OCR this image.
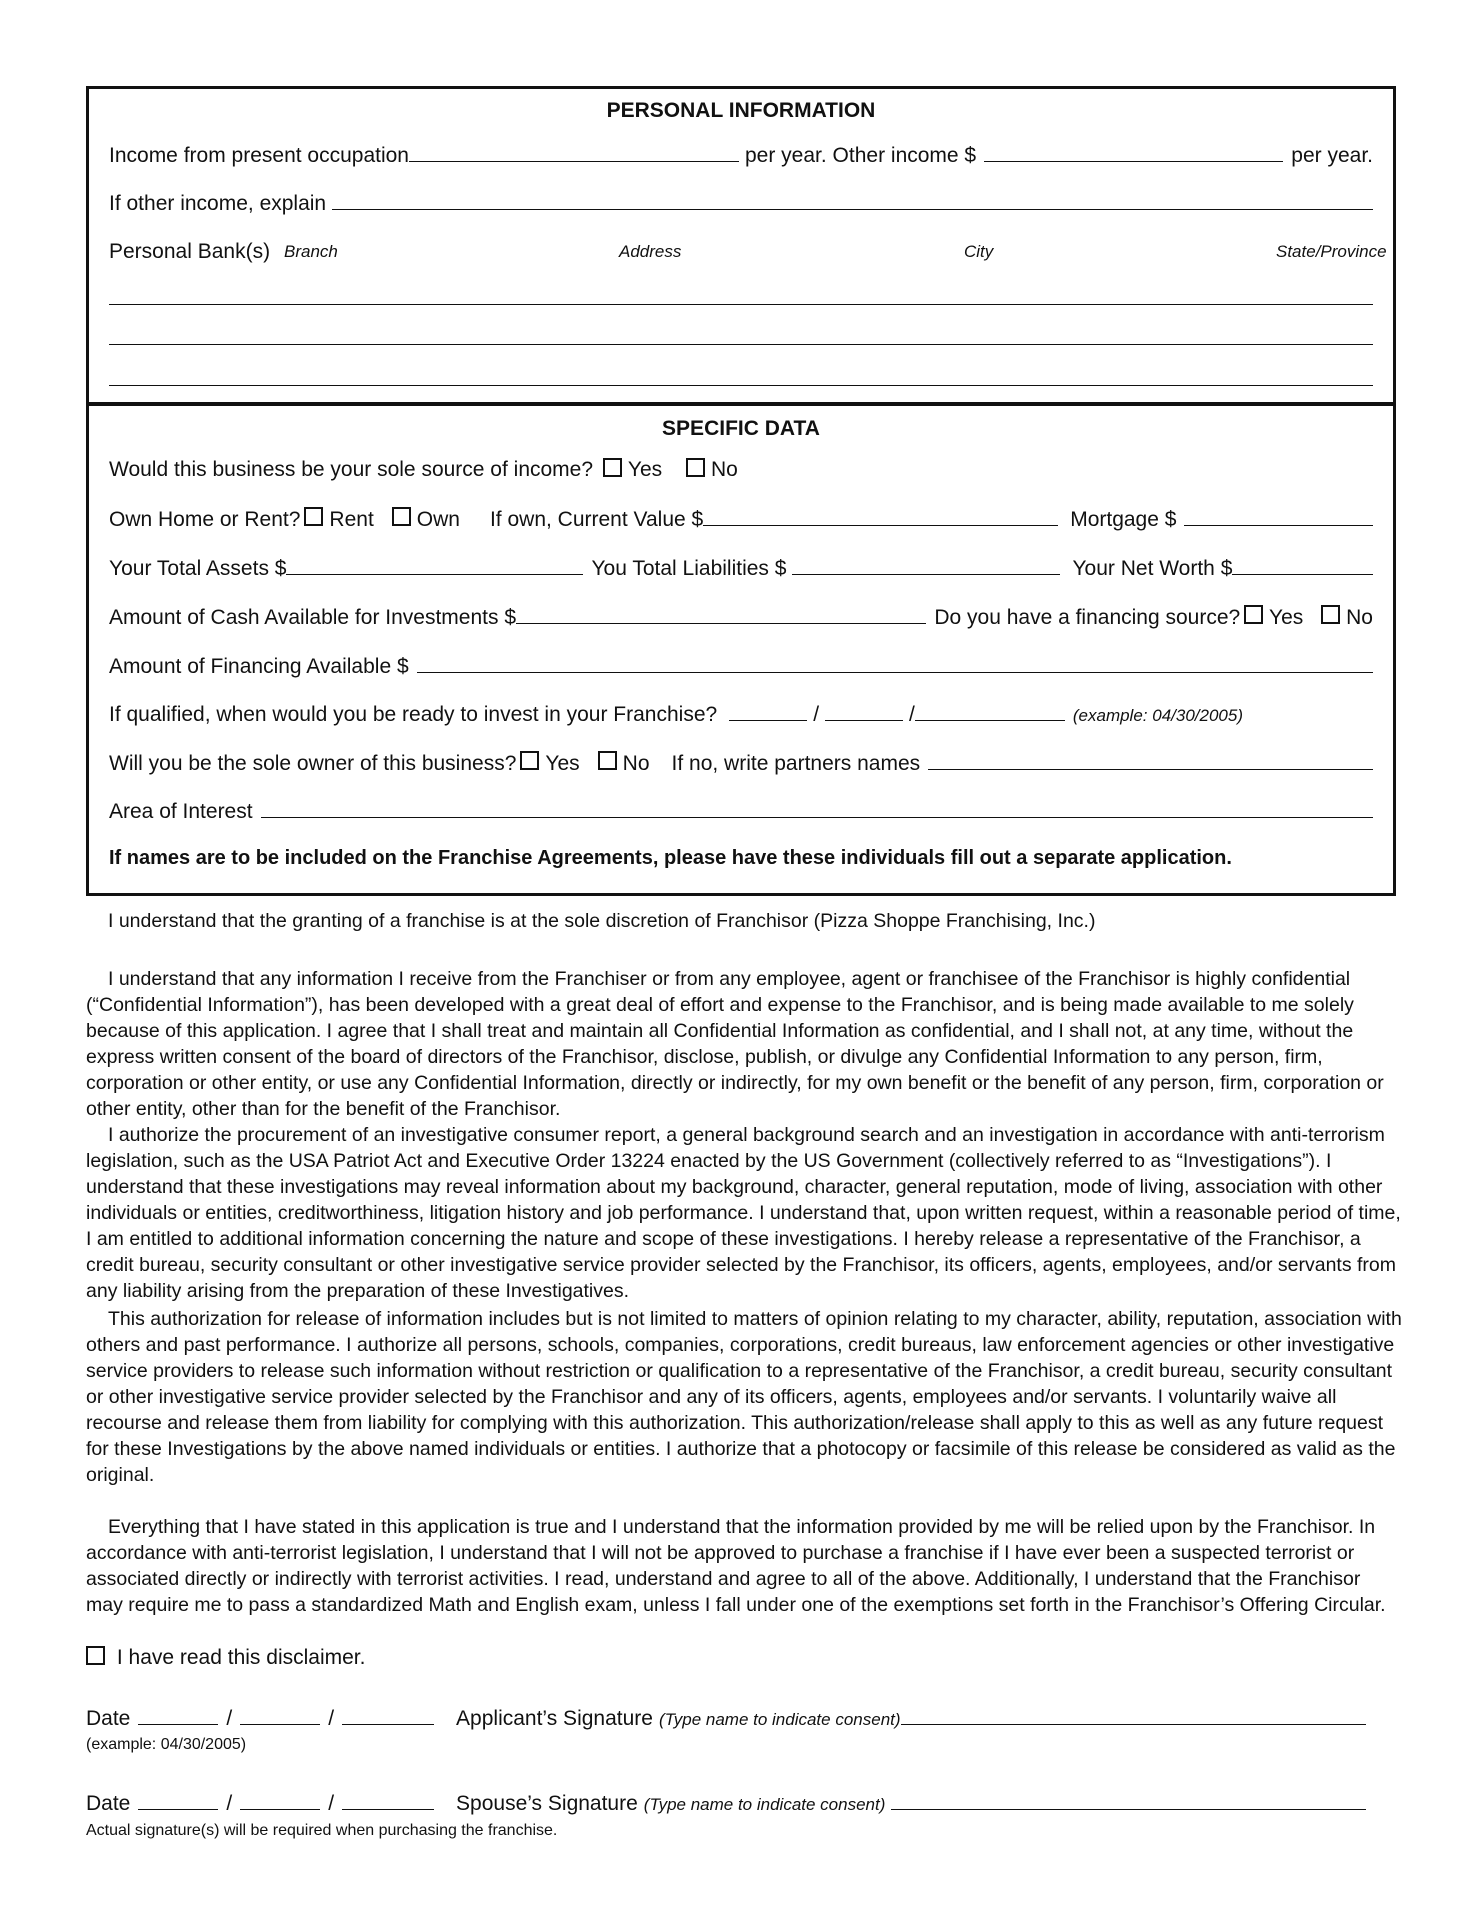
PERSONAL INFORMATION
Income from present occupation	per year. Other income $	per year.
If other income, explain
Personal Bank(s) Branch	Address	City	State/Province
SPECIFIC DATA
Would this business be your sole source of income? Yes No
Own Home or Rent? Rent Own If own, Current Value $	Mortgage $
Your Total Assets $	You Total Liabilities $	Your Net Worth $
Amount of Cash Available for Investments $	Do you have a financing source? Yes No
Amount of Financing Available $
If qualified, when would you be ready to invest in your Franchise?	/	/	(example: 04/30/2005)
Will you be the sole owner of this business? Yes No If no, write partners names
Area of Interest
If names are to be included on the Franchise Agreements, please have these individuals fill out a separate application.
I understand that the granting of a franchise is at the sole discretion of Franchisor (Pizza Shoppe Franchising, Inc.)
I understand that any information I receive from the Franchiser or from any employee, agent or franchisee of the Franchisor is highly confidential (“Confidential Information”), has been developed with a great deal of effort and expense to the Franchisor, and is being made available to me solely because of this application. I agree that I shall treat and maintain all Confidential Information as confidential, and I shall not, at any time, without the express written consent of the board of directors of the Franchisor, disclose, publish, or divulge any Confidential Information to any person, firm, corporation or other entity, or use any Confidential Information, directly or indirectly, for my own benefit or the benefit of any person, firm, corporation or other entity, other than for the benefit of the Franchisor.
I authorize the procurement of an investigative consumer report, a general background search and an investigation in accordance with anti-terrorism legislation, such as the USA Patriot Act and Executive Order 13224 enacted by the US Government (collectively referred to as “Investigations”). I understand that these investigations may reveal information about my background, character, general reputation, mode of living, association with other individuals or entities, creditworthiness, litigation history and job performance. I understand that, upon written request, within a reasonable period of time, I am entitled to additional information concerning the nature and scope of these investigations. I hereby release a representative of the Franchisor, a credit bureau, security consultant or other investigative service provider selected by the Franchisor, its officers, agents, employees, and/or servants from any liability arising from the preparation of these Investigatives.
This authorization for release of information includes but is not limited to matters of opinion relating to my character, ability, reputation, association with others and past performance. I authorize all persons, schools, companies, corporations, credit bureaus, law enforcement agencies or other investigative service providers to release such information without restriction or qualification to a representative of the Franchisor, a credit bureau, security consultant or other investigative service provider selected by the Franchisor and any of its officers, agents, employees and/or servants. I voluntarily waive all recourse and release them from liability for complying with this authorization. This authorization/release shall apply to this as well as any future request for these Investigations by the above named individuals or entities. I authorize that a photocopy or facsimile of this release be considered as valid as the original.
Everything that I have stated in this application is true and I understand that the information provided by me will be relied upon by the Franchisor. In accordance with anti-terrorist legislation, I understand that I will not be approved to purchase a franchise if I have ever been a suspected terrorist or associated directly or indirectly with terrorist activities. I read, understand and agree to all of the above. Additionally, I understand that the Franchisor may require me to pass a standardized Math and English exam, unless I fall under one of the exemptions set forth in the Franchisor’s Offering Circular.
I have read this disclaimer.
Date	/	/	Applicant’s Signature (Type name to indicate consent)
(example: 04/30/2005)
Date	/	/	Spouse’s Signature (Type name to indicate consent)
Actual signature(s) will be required when purchasing the franchise.
